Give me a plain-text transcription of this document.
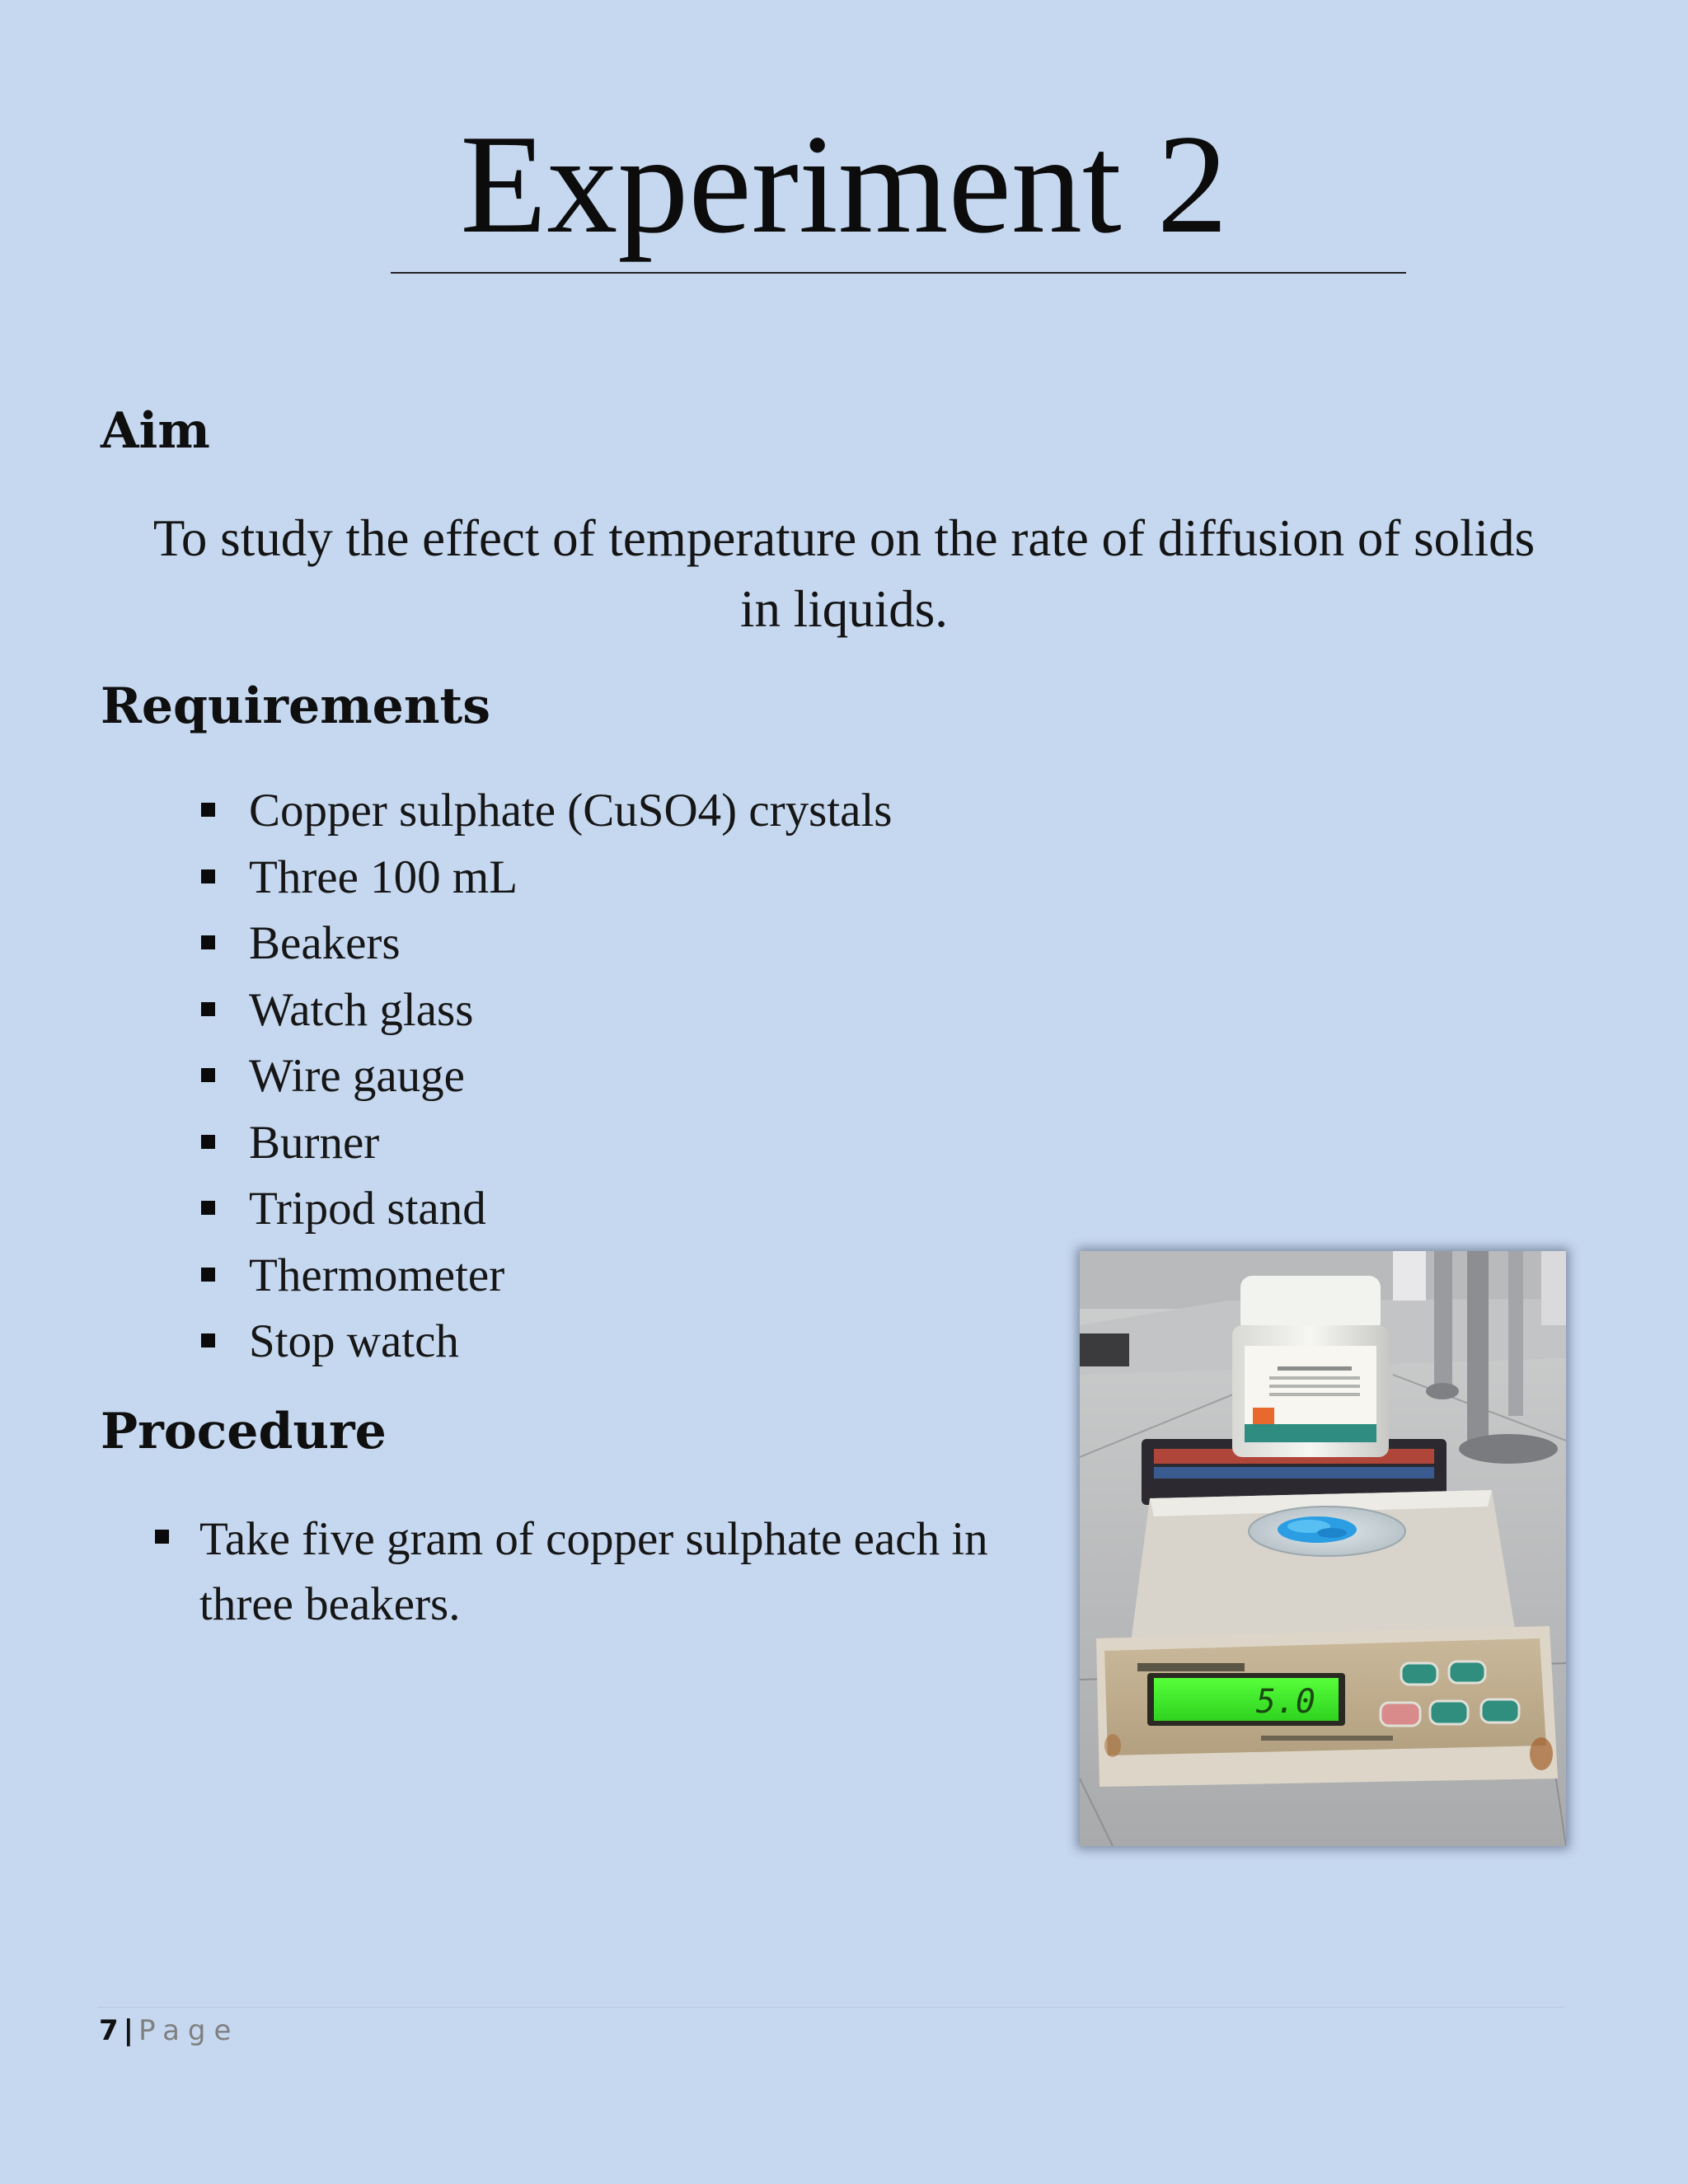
Experiment 2
Aim

To study the effect of temperature on the rate of diffusion of solids
in liquids.

Requirements
Copper sulphate (CuSO4) crystals
Three 100 mL
Beakers
Watch glass
Wire gauge
Burner
Tripod stand
Thermometer
Stop watch
Procedure
Take five gram of copper sulphate each in three beakers.
5.0
7 | Page
